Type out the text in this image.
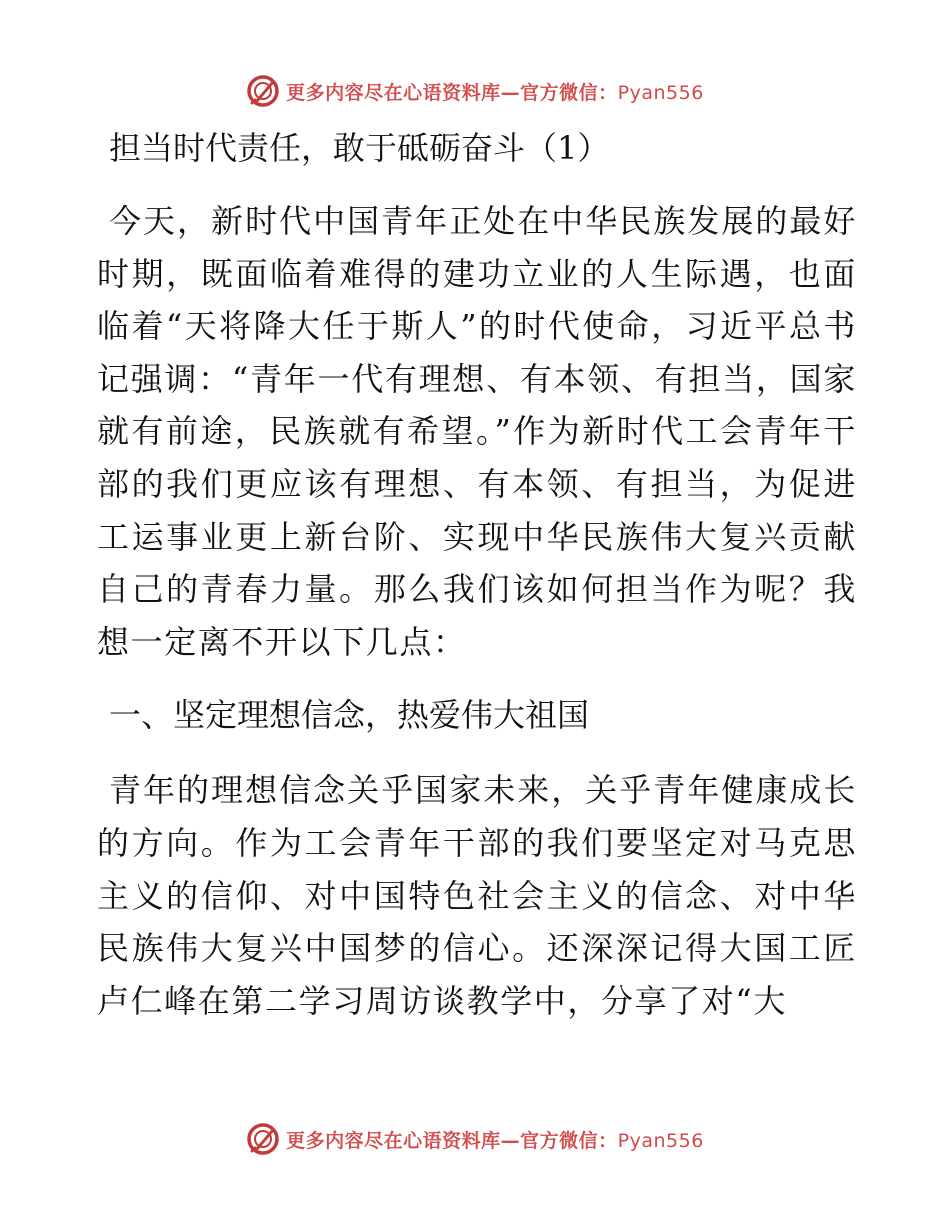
更多内容尽在心语资料库—官方微信：Pyan556
担当时代责任，敢于砥砺奋斗（1）

今天，新时代中国青年正处在中华民族发展的最好时期，既面临着难得的建功立业的人生际遇，也面临着“天将降大任于斯人”的时代使命，习近平总书记强调：“青年一代有理想、有本领、有担当，国家就有前途，民族就有希望。”作为新时代工会青年干部的我们更应该有理想、有本领、有担当，为促进工运事业更上新台阶、实现中华民族伟大复兴贡献自己的青春力量。那么我们该如何担当作为呢？我想一定离不开以下几点：

一、坚定理想信念，热爱伟大祖国

青年的理想信念关乎国家未来，关乎青年健康成长的方向。作为工会青年干部的我们要坚定对马克思主义的信仰、对中国特色社会主义的信念、对中华民族伟大复兴中国梦的信心。还深深记得大国工匠卢仁峰在第二学习周访谈教学中，分享了对“大

更多内容尽在心语资料库—官方微信：Pyan556
